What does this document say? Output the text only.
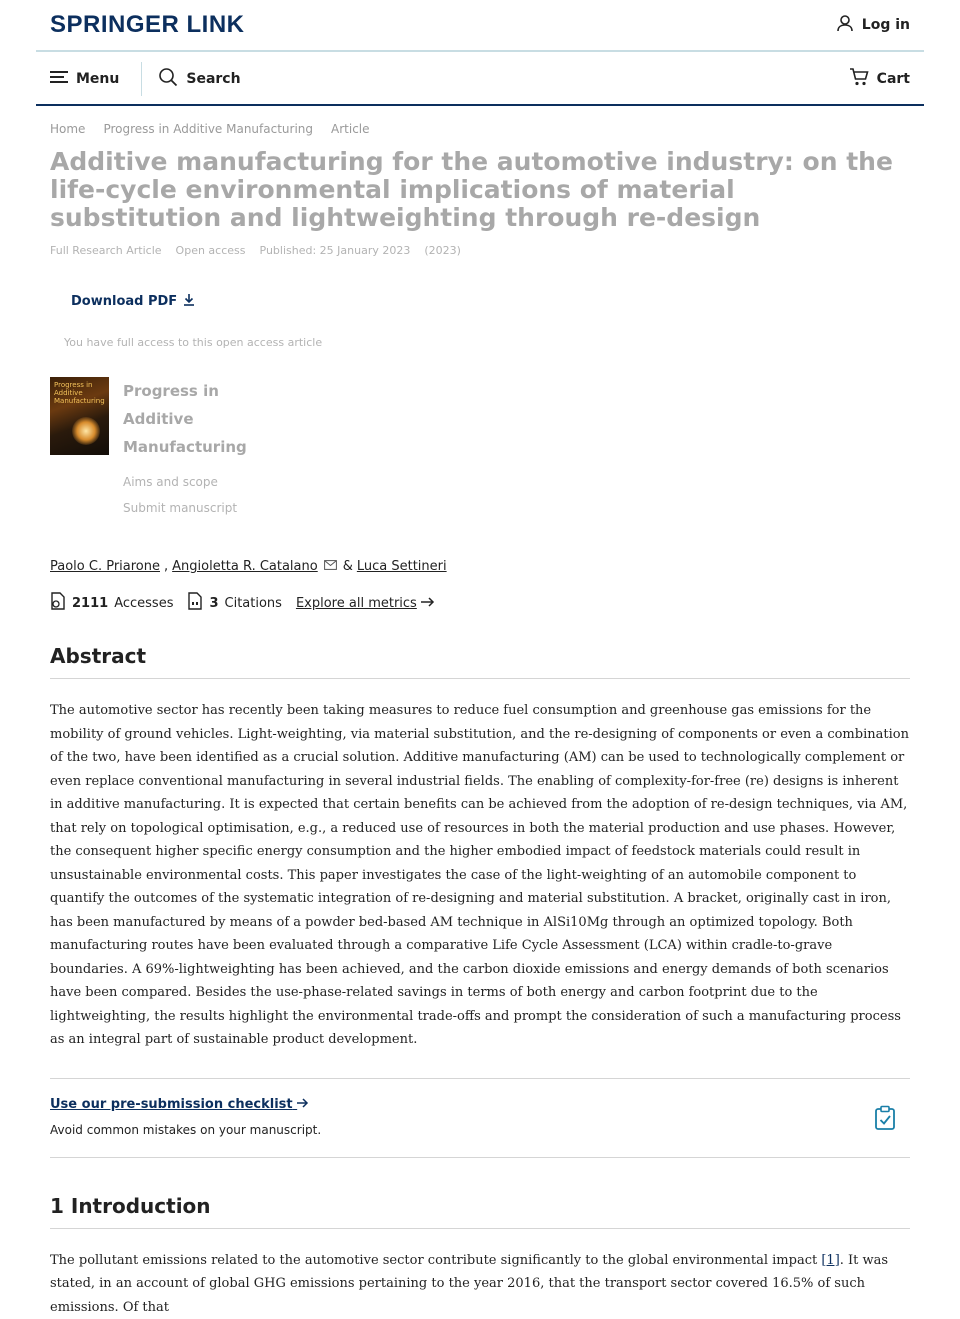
SPRINGER LINK	Log in
Menu	Search	Cart
Home Progress in Additive Manufacturing Article
Additive manufacturing for the automotive industry: on the life-cycle environmental implications of material substitution and lightweighting through re-design
Full Research Article Open access Published: 25 January 2023 (2023)
Download PDF
You have full access to this open access article
Progress in Additive Manufacturing
Progress in Additive Manufacturing
Aims and scope
Submit manuscript
Paolo C. Priarone , Angioletta R. Catalano & Luca Settineri
2111 Accesses	3 Citations Explore all metrics
Abstract

The automotive sector has recently been taking measures to reduce fuel consumption and greenhouse gas emissions for the mobility of ground vehicles. Light-weighting, via material substitution, and the re-designing of components or even a combination of the two, have been identified as a crucial solution. Additive manufacturing (AM) can be used to technologically complement or even replace conventional manufacturing in several industrial fields. The enabling of complexity-for-free (re) designs is inherent in additive manufacturing. It is expected that certain benefits can be achieved from the adoption of re-design techniques, via AM, that rely on topological optimisation, e.g., a reduced use of resources in both the material production and use phases. However, the consequent higher specific energy consumption and the higher embodied impact of feedstock materials could result in unsustainable environmental costs. This paper investigates the case of the light-weighting of an automobile component to quantify the outcomes of the systematic integration of re-designing and material substitution. A bracket, originally cast in iron, has been manufactured by means of a powder bed-based AM technique in AlSi10Mg through an optimized topology. Both manufacturing routes have been evaluated through a comparative Life Cycle Assessment (LCA) within cradle-to-grave boundaries. A 69%-lightweighting has been achieved, and the carbon dioxide emissions and energy demands of both scenarios have been compared. Besides the use-phase-related savings in terms of both energy and carbon footprint due to the lightweighting, the results highlight the environmental trade-offs and prompt the consideration of such a manufacturing process as an integral part of sustainable product development.

Use our pre-submission checklist
Avoid common mistakes on your manuscript.
1 Introduction

The pollutant emissions related to the automotive sector contribute significantly to the global environmental impact [1]. It was stated, in an account of global GHG emissions pertaining to the year 2016, that the transport sector covered 16.5% of such emissions. Of that
